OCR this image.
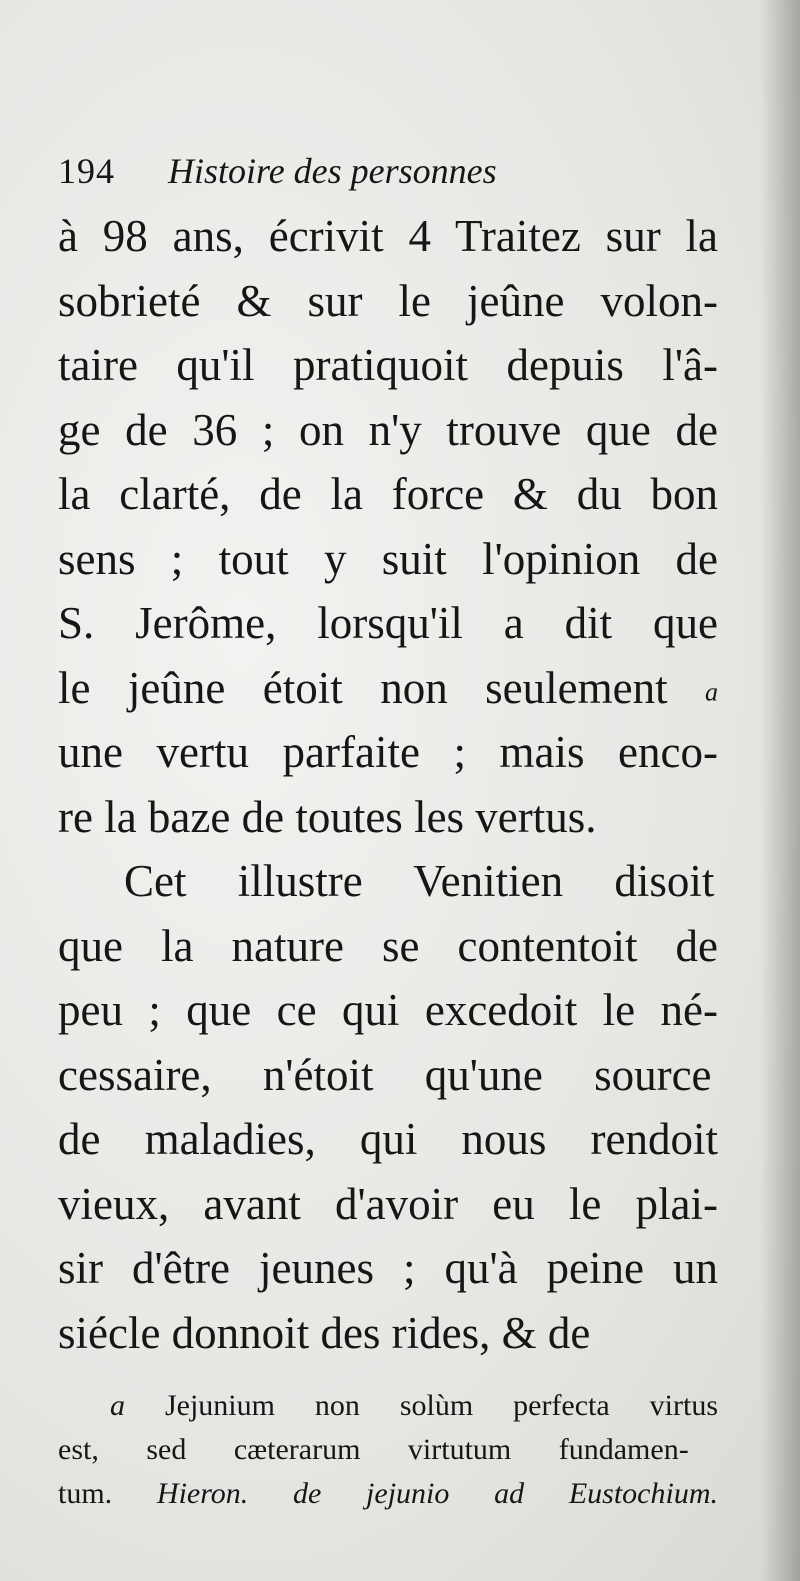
194 Histoire des personnes
à 98 ans, écrivit 4 Traitez sur la
sobrieté & sur le jeûne volon-
taire qu'il pratiquoit depuis l'â-
ge de 36 ; on n'y trouve que de
la clarté, de la force & du bon
sens ; tout y suit l'opinion de
S. Jerôme, lorsqu'il a dit que
le jeûne étoit non seulement a
une vertu parfaite ; mais enco-
re la baze de toutes les vertus.
Cet illustre Venitien disoit
que la nature se contentoit de
peu ; que ce qui excedoit le né-
cessaire, n'étoit qu'une source
de maladies, qui nous rendoit
vieux, avant d'avoir eu le plai-
sir d'être jeunes ; qu'à peine un
siécle donnoit des rides, & de
a Jejunium non solùm perfecta virtus
est, sed cæterarum virtutum fundamen-
tum. Hieron. de jejunio ad Eustochium.
